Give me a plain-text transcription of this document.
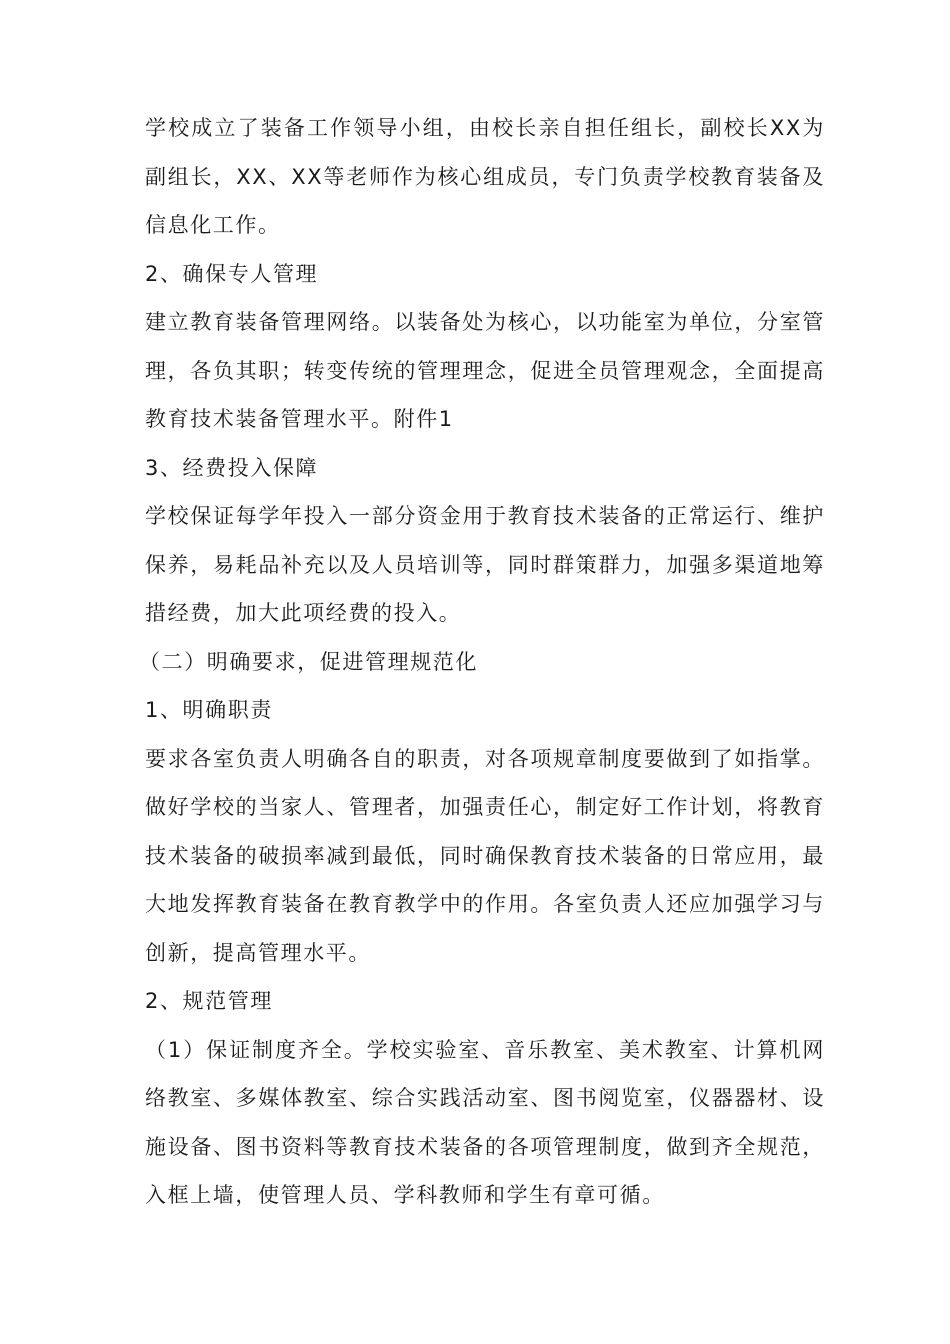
学校成立了装备工作领导小组，由校长亲自担任组长，副校长XX为副组长，XX、XX等老师作为核心组成员，专门负责学校教育装备及信息化工作。

2、确保专人管理

建立教育装备管理网络。以装备处为核心，以功能室为单位，分室管理，各负其职；转变传统的管理理念，促进全员管理观念，全面提高教育技术装备管理水平。附件1

3、经费投入保障

学校保证每学年投入一部分资金用于教育技术装备的正常运行、维护保养，易耗品补充以及人员培训等，同时群策群力，加强多渠道地筹措经费，加大此项经费的投入。

（二）明确要求，促进管理规范化

1、明确职责

要求各室负责人明确各自的职责，对各项规章制度要做到了如指掌。做好学校的当家人、管理者，加强责任心，制定好工作计划，将教育技术装备的破损率减到最低，同时确保教育技术装备的日常应用，最大地发挥教育装备在教育教学中的作用。各室负责人还应加强学习与创新，提高管理水平。

2、规范管理

（1）保证制度齐全。学校实验室、音乐教室、美术教室、计算机网络教室、多媒体教室、综合实践活动室、图书阅览室，仪器器材、设施设备、图书资料等教育技术装备的各项管理制度，做到齐全规范，入框上墙，使管理人员、学科教师和学生有章可循。
